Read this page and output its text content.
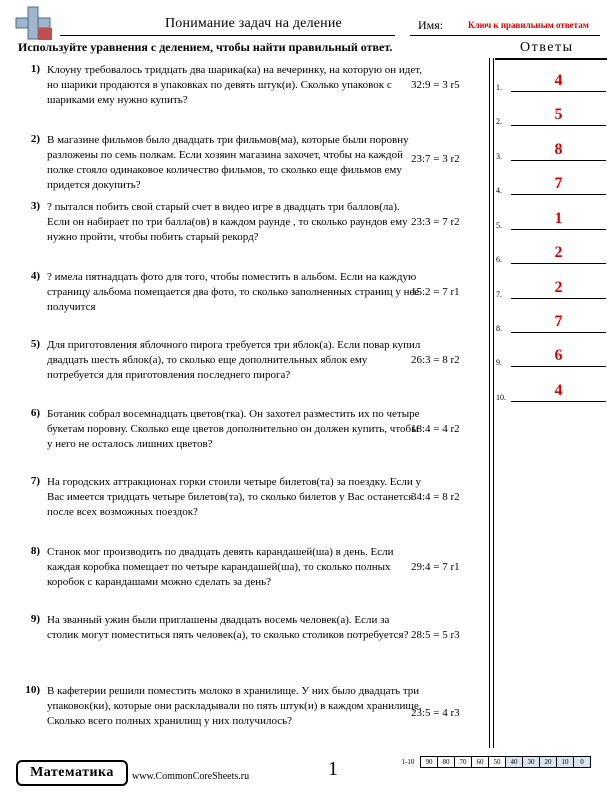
Понимание задач на деление	Имя:	Ключ к правильным ответам
Используйте уравнения с делением, чтобы найти правильный ответ.	Ответы
1.	4
2.	5
3.	8
4.	7
5.	1
6.	2
7.	2
8.	7
9.	6
10.	4
1) Клоуну требовалось тридцать два шарика(ка) на вечеринку, на которую он идет, но шарики продаются в упаковках по девять штук(и). Сколько упаковок с шариками ему нужно купить?
32:9 = 3 r5
2) В магазине фильмов было двадцать три фильмов(ма), которые были поровну разложены по семь полкам. Если хозяин магазина захочет, чтобы на каждой полке стояло одинаковое количество фильмов, то сколько еще фильмов ему придется докупить?
23:7 = 3 r2
3) ? пытался побить свой старый счет в видео игре в двадцать три баллов(ла). Если он набирает по три балла(ов) в каждом раунде , то сколько раундов ему нужно пройти, чтобы побить старый рекорд?
23:3 = 7 r2
4) ? имела пятнадцать фото для того, чтобы поместить в альбом. Если на каждую страницу альбома помещается два фото, то сколько заполненных страниц у нее получится
15:2 = 7 r1
5) Для приготовления яблочного пирога требуется три яблок(а). Если повар купил двадцать шесть яблок(а), то сколько еще дополнительных яблок ему потребуется для приготовления последнего пирога?
26:3 = 8 r2
6) Ботаник собрал восемнадцать цветов(тка). Он захотел разместить их по четыре букетам поровну. Сколько еще цветов дополнительно он должен купить, чтобы у него не осталось лишних цветов?
18:4 = 4 r2
7) На городских аттракционах горки стоили четыре билетов(та) за поездку. Если у Вас имеется тридцать четыре билетов(та), то сколько билетов у Вас останется после всех возможных поездок?
34:4 = 8 r2
8) Станок мог производить по двадцать девять карандашей(ша) в день. Если каждая коробка помещает по четыре карандашей(ша), то сколько полных коробок с карандашами можно сделать за день?
29:4 = 7 r1
9) На званный ужин были приглашены двадцать восемь человек(а). Если за столик могут поместиться пять человек(а), то сколько столиков потребуется? 28:5 = 5 r3
10) В кафетерии решили поместить молоко в хранилище. У них было двадцать три упаковок(ки), которые они раскладывали по пять штук(и) в каждом хранилище. Сколько всего полных хранилищ у них получилось?
23:5 = 4 r3
Математика	www.CommonCoreSheets.ru	1	1-10	90	80	70	60	50	40	30	20	10	0
